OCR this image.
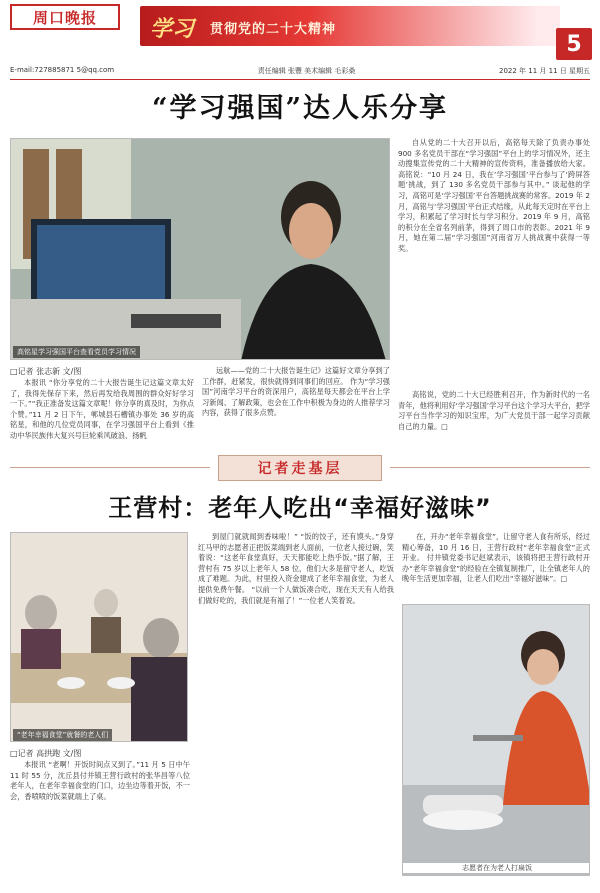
周口晚报	学习 贯彻党的二十大精神
5
E-mail:727885871 5@qq.com	责任编辑 张豐 美术编辑 毛彩桑	2022 年 11 月 11 日 星期五
“学习强国”达人乐分享
高铭星学习强国平台查看党员学习情况
□记者 张志新 文/图

本报讯 “你分享党的二十大报告诞生记这篇文章太好了，我得先保存下来，然后再发给我周围的群众好好学习一下。”“我正准备发这篇文章呢！你分享的真及时，为你点个赞。”11 月 2 日下午，郸城县石槽镇办事处 36 岁的高铭星，和他的几位党员同事，在学习强国平台上看到《推动中华民族伟大复兴号巨轮乘风破浪、扬帆

远航——党的二十大报告诞生记》这篇好文章分享到了工作群，赶紧发，很快就得到同事们的回应。 作为“学习强国”河南学习平台的资深用户，高铭星每天都会在平台上学习新闻、了解政策，也会在工作中积极为身边的人推荐学习内容，获得了很多点赞。

自从党的二十大召开以后，高铭每天除了负责办事处 900 多名党员干部在“学习强国”平台上的学习情况外，还主动搜集宣传党的二十大精神的宣传资料，准备播放给大家。 高铭说：“10 月 24 日，我在‘学习强国’平台参与了‘跨屏答题’挑战，到了 130 多名党员干部参与其中。” 谈起他的学习，高铭可是‘学习强国’平台答题挑战赛的常客。2019 年 2 月，高铭与‘学习强国’平台正式结缘，从此每天定时在平台上学习，积累起了学习时长与学习积分。2019 年 9 月，高铭的积分在全省名列前茅，得到了周口市的表彰。2021 年 9 月，她在第二届“学习强国”河南省万人挑战赛中获得一等奖。

高铭说，党的二十大已经胜利召开，作为新时代的一名青年，他将利用好‘学习强国’学习平台这个学习大平台，把学习平台当作学习的知识宝库，为广大党员干部一起学习贡献自己的力量。□

记者走基层
王营村：老年人吃出“幸福好滋味”
“老年幸福食堂”就餐的老人们
□记者 高拱跑 文/图

本报讯 “老啊！开饭时间点又到了。”11 月 5 日中午 11 时 55 分，沈丘县付井镇王营行政村的张华昌等八位老年人，在老年幸福食堂的门口，边坐边等着开饭，不一会，香喷喷的饭菜就端上了桌。

到屋门就就闻到香味啦！” “饭的饺子，还有馍头。”身穿红马甲的志愿者正把饭菜端到老人面前，一位老人接过碗，笑着说：“这老年食堂真好，天天都能吃上热乎饭。”据了解，王营村有 75 岁以上老年人 58 位，他们大多是留守老人，吃饭成了难题。为此，村里投入资金建成了老年幸福食堂，为老人提供免费午餐。 “以前一个人做饭凑合吃，现在天天有人给我们做好吃的，我们就是有福了！”一位老人笑着说。

在，开办“老年幸福食堂”，让留守老人食有所乐，经过精心筹备，10 月 16 日，王营行政村“老年幸福食堂”正式开业。 付井镇党委书记赵斌表示，该镇将把王营行政村开办“老年幸福食堂”的经验在全镇复制推广，让全镇老年人的晚年生活更加幸福，让老人们吃出“幸福好滋味”。□

志愿者在为老人打扁饭
